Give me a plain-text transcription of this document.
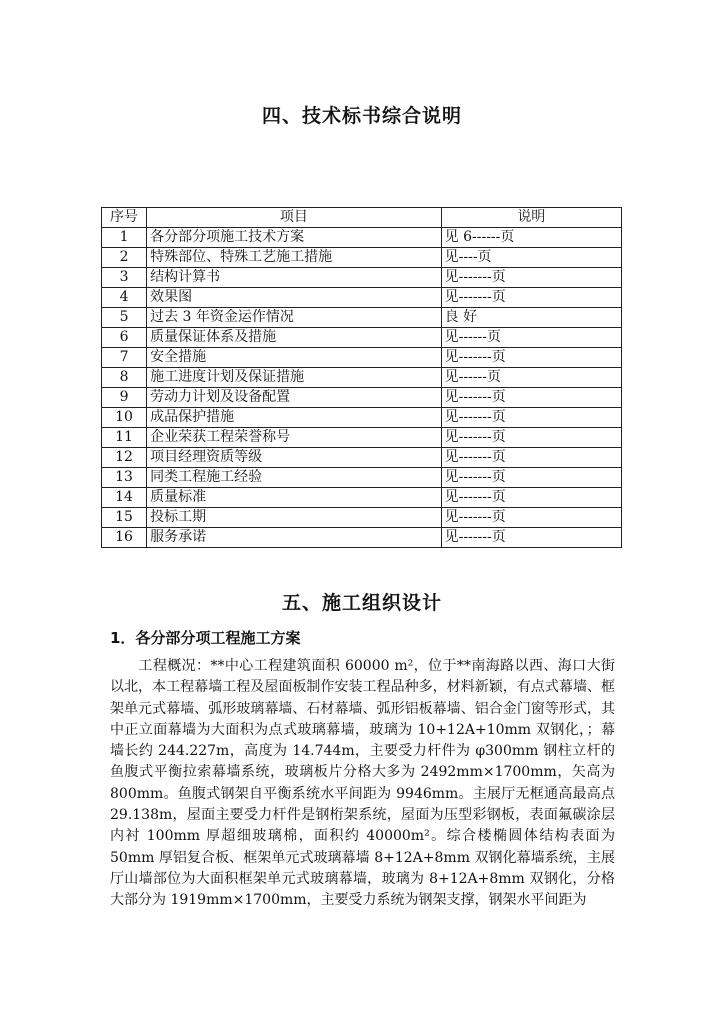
四、技术标书综合说明
序号	项目	说明
1	各分部分项施工技术方案	见 6------页
2	特殊部位、特殊工艺施工措施	见----页
3	结构计算书	见-------页
4	效果图	见-------页
5	过去 3 年资金运作情况	良 好
6	质量保证体系及措施	见------页
7	安全措施	见-------页
8	施工进度计划及保证措施	见------页
9	劳动力计划及设备配置	见-------页
10	成品保护措施	见-------页
11	企业荣获工程荣誉称号	见-------页
12	项目经理资质等级	见-------页
13	同类工程施工经验	见-------页
14	质量标准	见-------页
15	投标工期	见-------页
16	服务承诺	见-------页
五、施工组织设计
1．各分部分项工程施工方案
工程概况：**中心工程建筑面积 60000 m²，位于**南海路以西、海口大街以北，本工程幕墙工程及屋面板制作安装工程品种多，材料新颖，有点式幕墙、框架单元式幕墙、弧形玻璃幕墙、石材幕墙、弧形铝板幕墙、铝合金门窗等形式，其中正立面幕墙为大面积为点式玻璃幕墙，玻璃为 10+12A+10mm 双钢化，；幕墙长约 244.227m，高度为 14.744m，主要受力杆件为 φ300mm 钢柱立杆的鱼腹式平衡拉索幕墙系统，玻璃板片分格大多为 2492mm×1700mm，矢高为 800mm。鱼腹式钢架自平衡系统水平间距为 9946mm。主展厅无框通高最高点 29.138m，屋面主要受力杆件是钢桁架系统，屋面为压型彩钢板，表面氟碳涂层内衬 100mm 厚超细玻璃棉，面积约 40000m²。综合楼椭圆体结构表面为 50mm 厚铝复合板、框架单元式玻璃幕墙 8+12A+8mm 双钢化幕墙系统，主展厅山墙部位为大面积框架单元式玻璃幕墙，玻璃为 8+12A+8mm 双钢化，分格大部分为 1919mm×1700mm，主要受力系统为钢架支撑，钢架水平间距为
